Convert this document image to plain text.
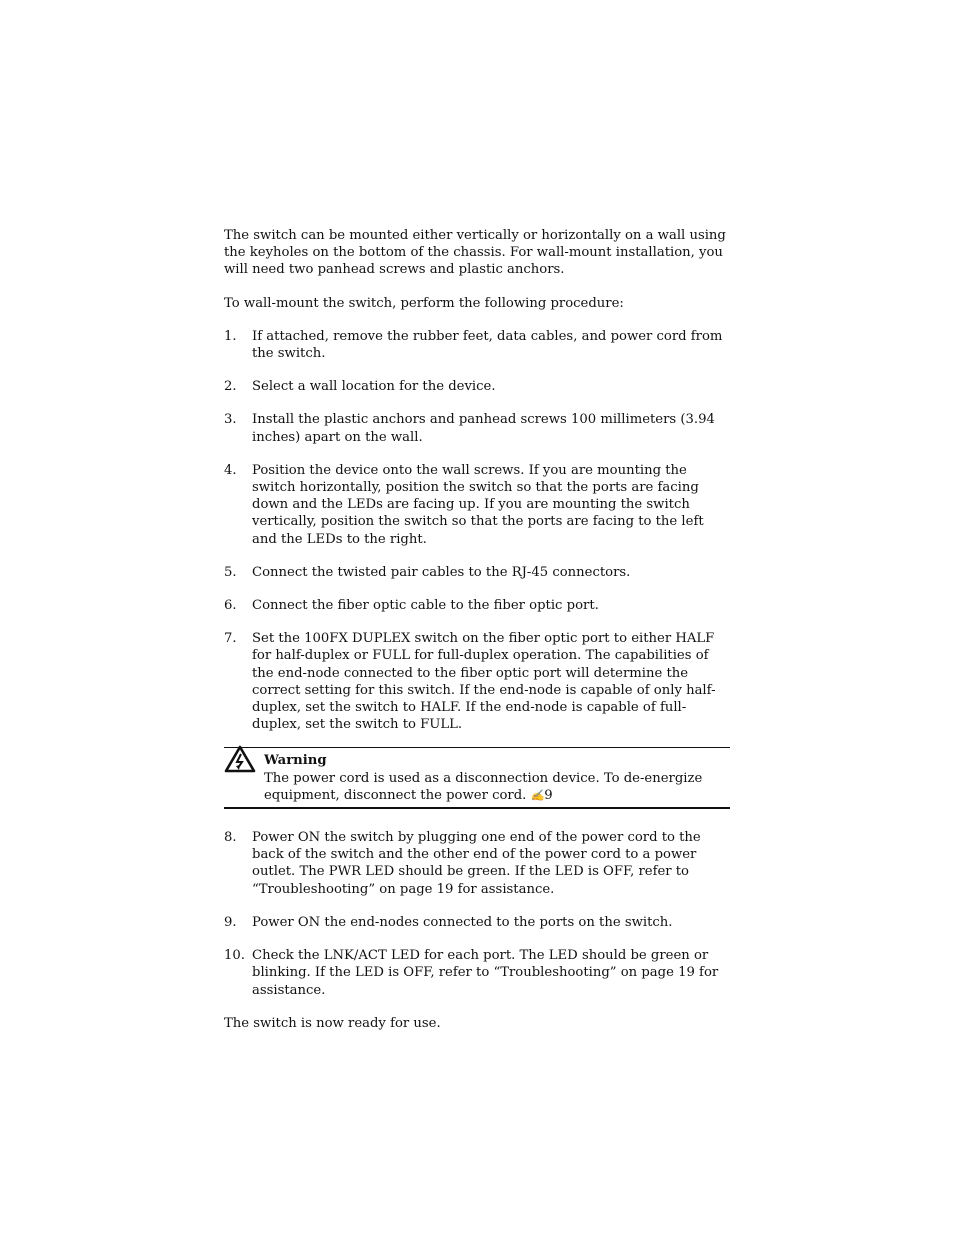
The switch can be mounted either vertically or horizontally on a wall using the keyholes on the bottom of the chassis. For wall-mount installation, you will need two panhead screws and plastic anchors.

To wall-mount the switch, perform the following procedure:

1. If attached, remove the rubber feet, data cables, and power cord from the switch.
2. Select a wall location for the device.
3. Install the plastic anchors and panhead screws 100 millimeters (3.94 inches) apart on the wall.
4. Position the device onto the wall screws. If you are mounting the switch horizontally, position the switch so that the ports are facing down and the LEDs are facing up. If you are mounting the switch vertically, position the switch so that the ports are facing to the left and the LEDs to the right.
5. Connect the twisted pair cables to the RJ-45 connectors.
6. Connect the fiber optic cable to the fiber optic port.
7. Set the 100FX DUPLEX switch on the fiber optic port to either HALF for half-duplex or FULL for full-duplex operation. The capabilities of the end-node connected to the fiber optic port will determine the correct setting for this switch. If the end-node is capable of only half-duplex, set the switch to HALF. If the end-node is capable of full-duplex, set the switch to FULL.
Warning
The power cord is used as a disconnection device. To de-energize equipment, disconnect the power cord. ✍9
8. Power ON the switch by plugging one end of the power cord to the back of the switch and the other end of the power cord to a power outlet. The PWR LED should be green. If the LED is OFF, refer to “Troubleshooting” on page 19 for assistance.
9. Power ON the end-nodes connected to the ports on the switch.
10. Check the LNK/ACT LED for each port. The LED should be green or blinking. If the LED is OFF, refer to “Troubleshooting” on page 19 for assistance.

The switch is now ready for use.
